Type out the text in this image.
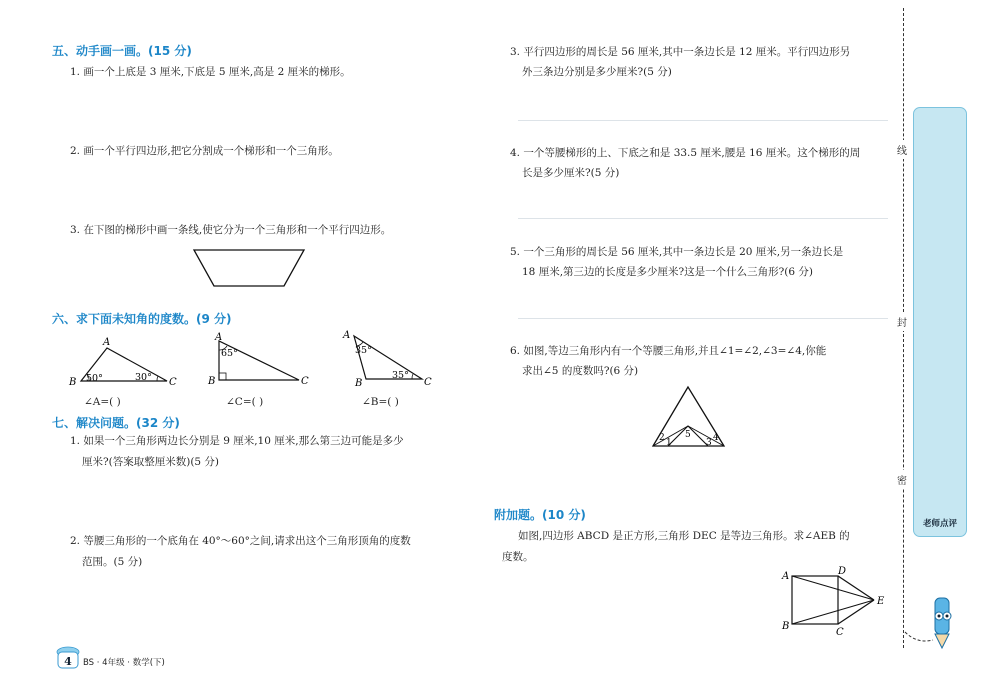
五、动手画一画。(15 分)
1. 画一个上底是 3 厘米,下底是 5 厘米,高是 2 厘米的梯形。
2. 画一个平行四边形,把它分割成一个梯形和一个三角形。
3. 在下图的梯形中画一条线,使它分为一个三角形和一个平行四边形。
六、求下面未知角的度数。(9 分)
A
B	C
50°	30°
∠A=( )
A
B	C
65°
∠C=( )
A
B	C
35°
35°
∠B=( )
七、解决问题。(32 分)
1. 如果一个三角形两边长分别是 9 厘米,10 厘米,那么第三边可能是多少
厘米?(答案取整厘米数)(5 分)
2. 等腰三角形的一个底角在 40°～60°之间,请求出这个三角形顶角的度数
范围。(5 分)
3. 平行四边形的周长是 56 厘米,其中一条边长是 12 厘米。平行四边形另
外三条边分别是多少厘米?(5 分)
4. 一个等腰梯形的上、下底之和是 33.5 厘米,腰是 16 厘米。这个梯形的周
长是多少厘米?(5 分)
5. 一个三角形的周长是 56 厘米,其中一条边长是 20 厘米,另一条边长是
18 厘米,第三边的长度是多少厘米?这是一个什么三角形?(6 分)
6. 如图,等边三角形内有一个等腰三角形,并且∠1=∠2,∠3=∠4,你能
求出∠5 的度数吗?(6 分)
2 1
5
3 4
附加题。(10 分)
如图,四边形 ABCD 是正方形,三角形 DEC 是等边三角形。求∠AEB 的
度数。
A
B
C
D
E
线
封
密
老师点评
4 BS · 4年级 · 数学(下)
